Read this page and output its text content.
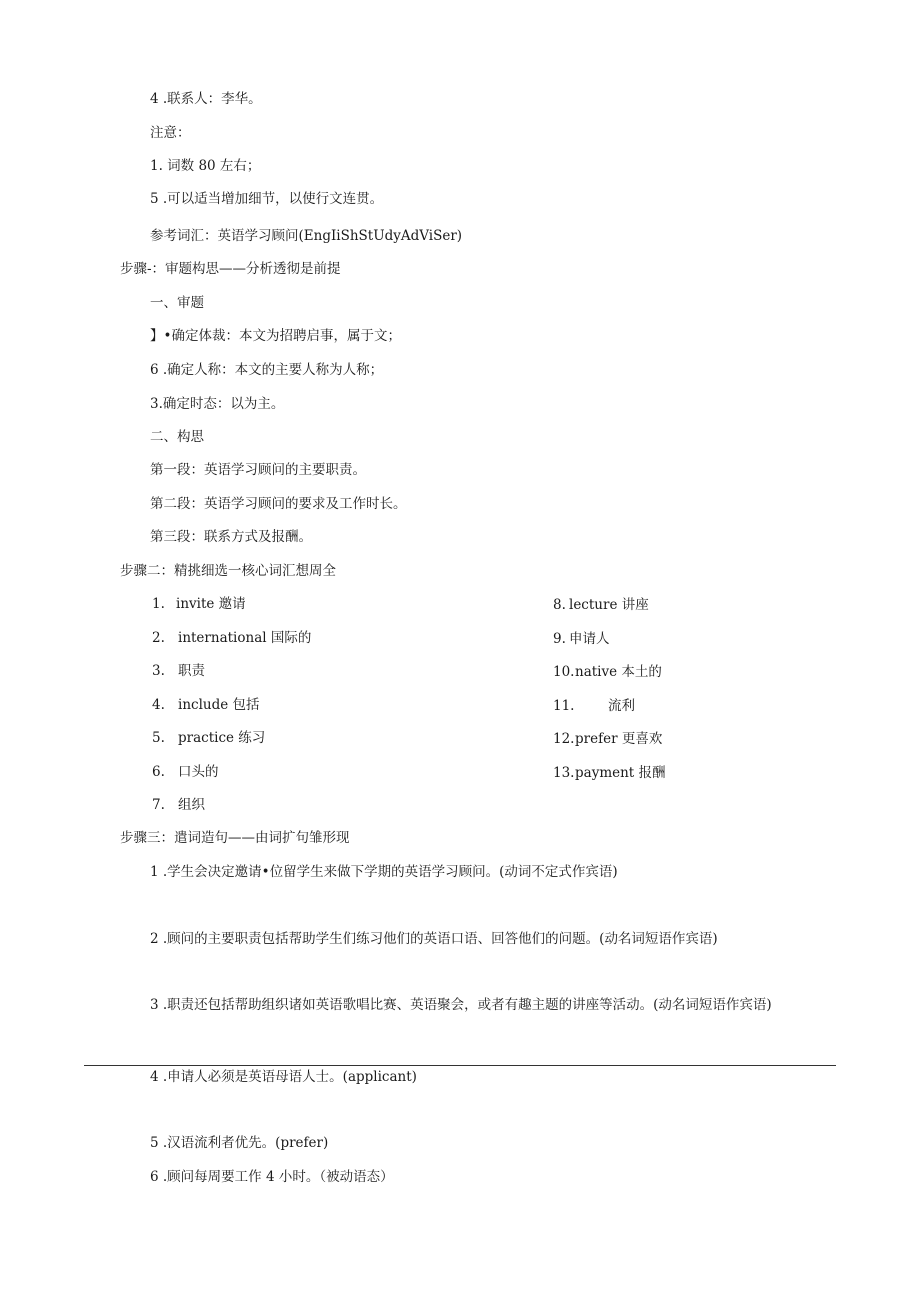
4 .联系人：李华。
注意：
1. 词数 80 左右；
5 .可以适当增加细节，以使行文连贯。
参考词汇：英语学习顾问(EngIiShStUdyAdViSer)
步骤-：审题构思——分析透彻是前提
一、审题
】•确定体裁：本文为招聘启事，属于文；
6 .确定人称：本文的主要人称为人称；
3.确定时态：以为主。
二、构思
第一段：英语学习顾问的主要职责。
第二段：英语学习顾问的要求及工作时长。
第三段：联系方式及报酬。
步骤二：精挑细选一核心词汇想周全
1. invite 邀请
2. international 国际的
3. 职责
4. include 包括
5. practice 练习
6. 口头的
7. 组织
8. lecture 讲座
9. 申请人
10.native 本土的
11. 流利
12.prefer 更喜欢
13.payment 报酬
步骤三：遣词造句——由词扩句雏形现
1 .学生会决定邀请•位留学生来做下学期的英语学习顾问。(动词不定式作宾语)
2 .顾问的主要职责包括帮助学生们练习他们的英语口语、回答他们的问题。(动名词短语作宾语)
3 .职责还包括帮助组织诸如英语歌唱比赛、英语聚会，或者有趣主题的讲座等活动。(动名词短语作宾语)
4 .申请人必须是英语母语人士。(applicant)
5 .汉语流利者优先。(prefer)
6 .顾问每周要工作 4 小时。（被动语态）
